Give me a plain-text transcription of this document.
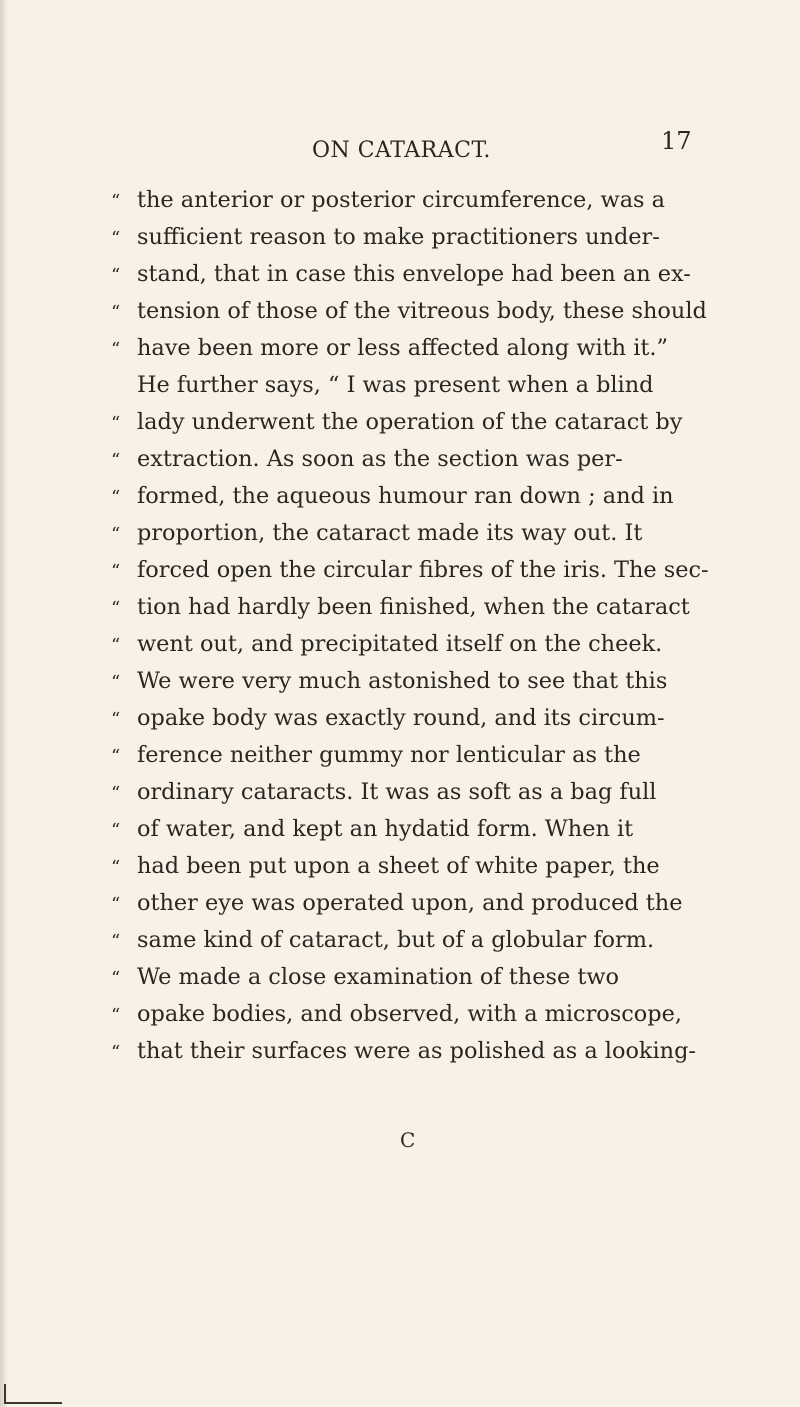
ON CATARACT.	17
“ the anterior or posterior circumference, was a
“ sufficient reason to make practitioners under-
“ stand, that in case this envelope had been an ex-
“ tension of those of the vitreous body, these should
“ have been more or less affected along with it.”
He further says, “ I was present when a blind
“ lady underwent the operation of the cataract by
“ extraction. As soon as the section was per-
“ formed, the aqueous humour ran down ; and in
“ proportion, the cataract made its way out. It
“ forced open the circular fibres of the iris. The sec-
“ tion had hardly been finished, when the cataract
“ went out, and precipitated itself on the cheek.
“ We were very much astonished to see that this
“ opake body was exactly round, and its circum-
“ ference neither gummy nor lenticular as the
“ ordinary cataracts. It was as soft as a bag full
“ of water, and kept an hydatid form. When it
“ had been put upon a sheet of white paper, the
“ other eye was operated upon, and produced the
“ same kind of cataract, but of a globular form.
“ We made a close examination of these two
“ opake bodies, and observed, with a microscope,
“ that their surfaces were as polished as a looking-
C
